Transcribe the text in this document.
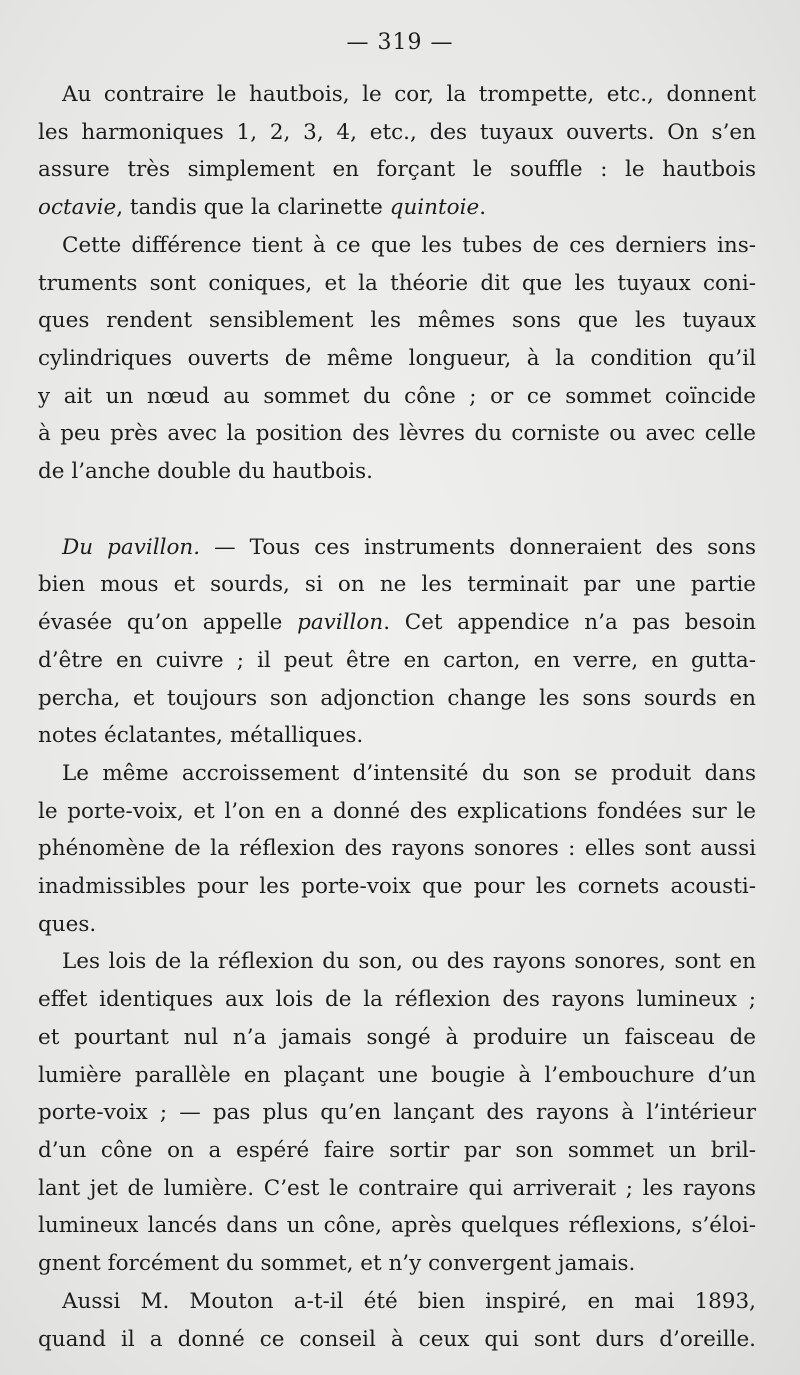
— 319 —
Au contraire le hautbois, le cor, la trompette, etc., donnent
les harmoniques 1, 2, 3, 4, etc., des tuyaux ouverts. On s’en
assure très simplement en forçant le souffle : le hautbois
octavie, tandis que la clarinette quintoie.
Cette différence tient à ce que les tubes de ces derniers ins-
truments sont coniques, et la théorie dit que les tuyaux coni-
ques rendent sensiblement les mêmes sons que les tuyaux
cylindriques ouverts de même longueur, à la condition qu’il
y ait un nœud au sommet du cône ; or ce sommet coïncide
à peu près avec la position des lèvres du corniste ou avec celle
de l’anche double du hautbois.
Du pavillon. — Tous ces instruments donneraient des sons
bien mous et sourds, si on ne les terminait par une partie
évasée qu’on appelle pavillon. Cet appendice n’a pas besoin
d’être en cuivre ; il peut être en carton, en verre, en gutta-
percha, et toujours son adjonction change les sons sourds en
notes éclatantes, métalliques.
Le même accroissement d’intensité du son se produit dans
le porte-voix, et l’on en a donné des explications fondées sur le
phénomène de la réflexion des rayons sonores : elles sont aussi
inadmissibles pour les porte-voix que pour les cornets acousti-
ques.
Les lois de la réflexion du son, ou des rayons sonores, sont en
effet identiques aux lois de la réflexion des rayons lumineux ;
et pourtant nul n’a jamais songé à produire un faisceau de
lumière parallèle en plaçant une bougie à l’embouchure d’un
porte-voix ; — pas plus qu’en lançant des rayons à l’intérieur
d’un cône on a espéré faire sortir par son sommet un bril-
lant jet de lumière. C’est le contraire qui arriverait ; les rayons
lumineux lancés dans un cône, après quelques réflexions, s’éloi-
gnent forcément du sommet, et n’y convergent jamais.
Aussi M. Mouton a-t-il été bien inspiré, en mai 1893,
quand il a donné ce conseil à ceux qui sont durs d’oreille.
